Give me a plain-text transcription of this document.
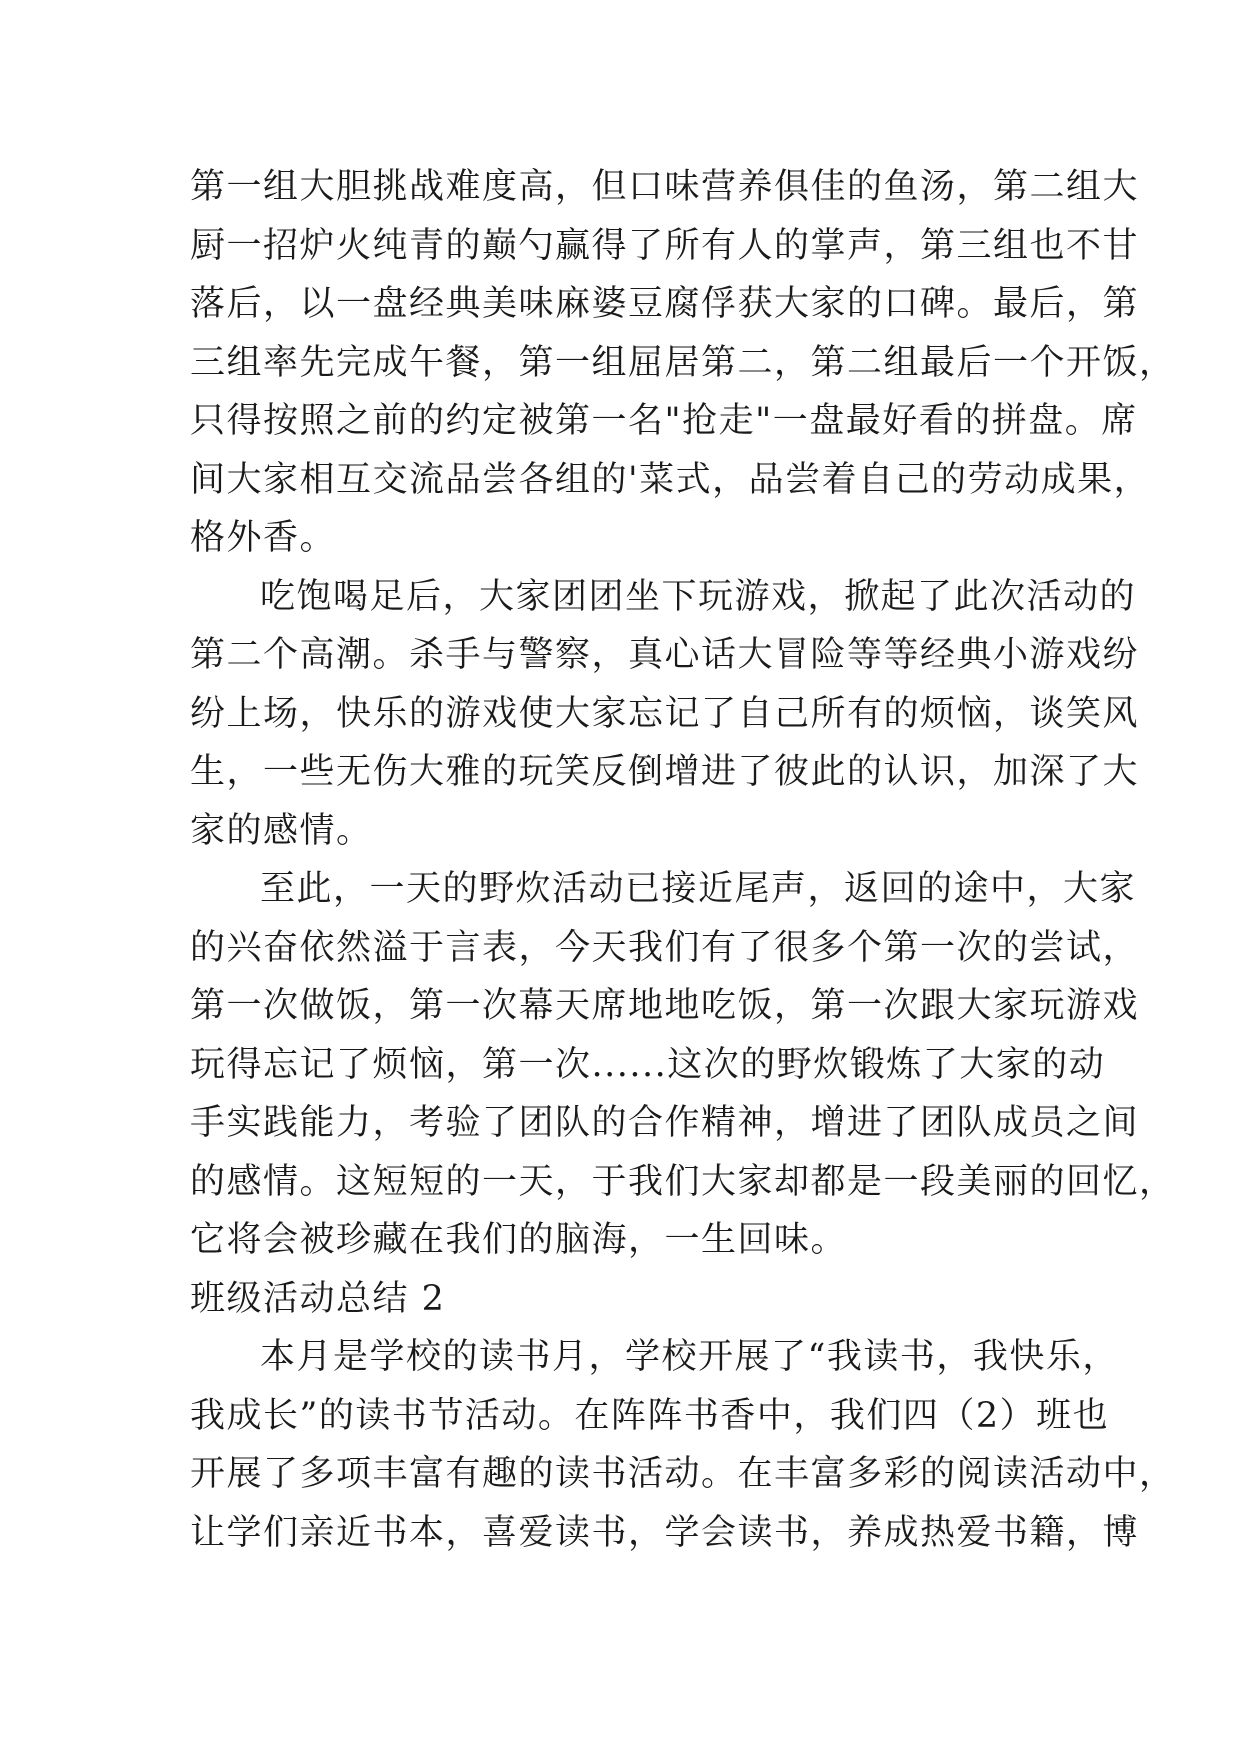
第一组大胆挑战难度高，但口味营养俱佳的鱼汤，第二组大
厨一招炉火纯青的巅勺赢得了所有人的掌声，第三组也不甘
落后，以一盘经典美味麻婆豆腐俘获大家的口碑。最后，第
三组率先完成午餐，第一组屈居第二，第二组最后一个开饭，
只得按照之前的约定被第一名"抢走"一盘最好看的拼盘。席
间大家相互交流品尝各组的'菜式，品尝着自己的劳动成果，
格外香。
吃饱喝足后，大家团团坐下玩游戏，掀起了此次活动的
第二个高潮。杀手与警察，真心话大冒险等等经典小游戏纷
纷上场，快乐的游戏使大家忘记了自己所有的烦恼，谈笑风
生，一些无伤大雅的玩笑反倒增进了彼此的认识，加深了大
家的感情。
至此，一天的野炊活动已接近尾声，返回的途中，大家
的兴奋依然溢于言表，今天我们有了很多个第一次的尝试，
第一次做饭，第一次幕天席地地吃饭，第一次跟大家玩游戏
玩得忘记了烦恼，第一次......这次的野炊锻炼了大家的动
手实践能力，考验了团队的合作精神，增进了团队成员之间
的感情。这短短的一天，于我们大家却都是一段美丽的回忆，
它将会被珍藏在我们的脑海，一生回味。
班级活动总结 2
本月是学校的读书月，学校开展了“我读书，我快乐，
我成长”的读书节活动。在阵阵书香中，我们四（2）班也
开展了多项丰富有趣的读书活动。在丰富多彩的阅读活动中，
让学们亲近书本，喜爱读书，学会读书，养成热爱书籍，博
